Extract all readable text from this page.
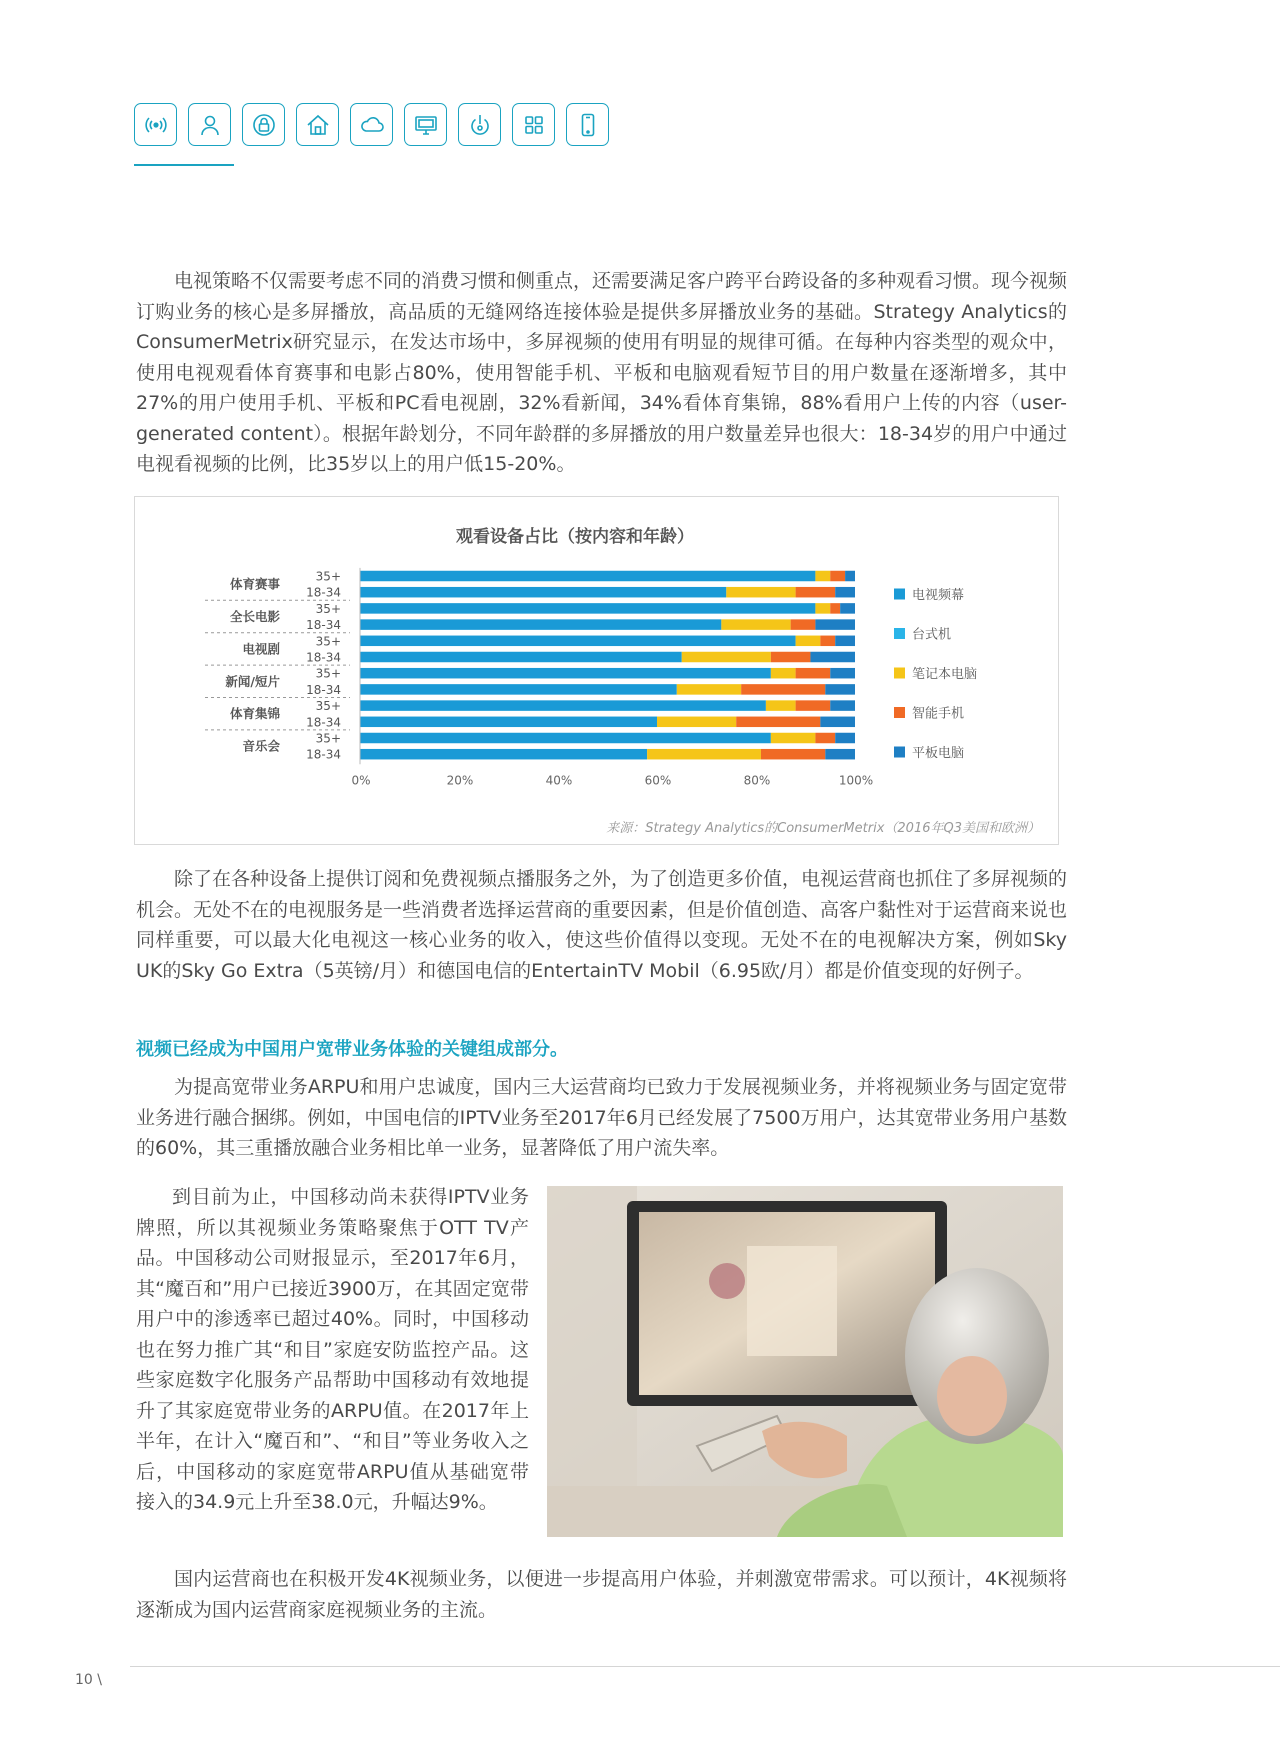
电视策略不仅需要考虑不同的消费习惯和侧重点，还需要满足客户跨平台跨设备的多种观看习惯。现今视频订购业务的核心是多屏播放，高品质的无缝网络连接体验是提供多屏播放业务的基础。Strategy Analytics的ConsumerMetrix研究显示，在发达市场中，多屏视频的使用有明显的规律可循。在每种内容类型的观众中，使用电视观看体育赛事和电影占80%，使用智能手机、平板和电脑观看短节目的用户数量在逐渐增多，其中27%的用户使用手机、平板和PC看电视剧，32%看新闻，34%看体育集锦，88%看用户上传的内容（user-generated content）。根据年龄划分，不同年龄群的多屏播放的用户数量差异也很大：18-34岁的用户中通过电视看视频的比例，比35岁以上的用户低15-20%。

观看设备占比（按内容和年龄）
35+
18-34
35+
18-34
35+
18-34
35+
18-34
35+
18-34
35+
18-34
体育赛事
全长电影
电视剧
新闻/短片
体育集锦
音乐会
0%	20%	40%	60%	80%	100%
电视频幕
台式机
笔记本电脑
智能手机
平板电脑
来源：Strategy Analytics的ConsumerMetrix（2016年Q3美国和欧洲）

除了在各种设备上提供订阅和免费视频点播服务之外，为了创造更多价值，电视运营商也抓住了多屏视频的机会。无处不在的电视服务是一些消费者选择运营商的重要因素，但是价值创造、高客户黏性对于运营商来说也同样重要，可以最大化电视这一核心业务的收入，使这些价值得以变现。无处不在的电视解决方案，例如Sky UK的Sky Go Extra（5英镑/月）和德国电信的EntertainTV Mobil（6.95欧/月）都是价值变现的好例子。

视频已经成为中国用户宽带业务体验的关键组成部分。

为提高宽带业务ARPU和用户忠诚度，国内三大运营商均已致力于发展视频业务，并将视频业务与固定宽带业务进行融合捆绑。例如，中国电信的IPTV业务至2017年6月已经发展了7500万用户，达其宽带业务用户基数的60%，其三重播放融合业务相比单一业务，显著降低了用户流失率。

到目前为止，中国移动尚未获得IPTV业务牌照，所以其视频业务策略聚焦于OTT TV产品。中国移动公司财报显示，至2017年6月，其“魔百和”用户已接近3900万，在其固定宽带用户中的渗透率已超过40%。同时，中国移动也在努力推广其“和目”家庭安防监控产品。这些家庭数字化服务产品帮助中国移动有效地提升了其家庭宽带业务的ARPU值。在2017年上半年，在计入“魔百和”、“和目”等业务收入之后，中国移动的家庭宽带ARPU值从基础宽带接入的34.9元上升至38.0元，升幅达9%。

国内运营商也在积极开发4K视频业务，以便进一步提高用户体验，并刺激宽带需求。可以预计，4K视频将逐渐成为国内运营商家庭视频业务的主流。

10 \
